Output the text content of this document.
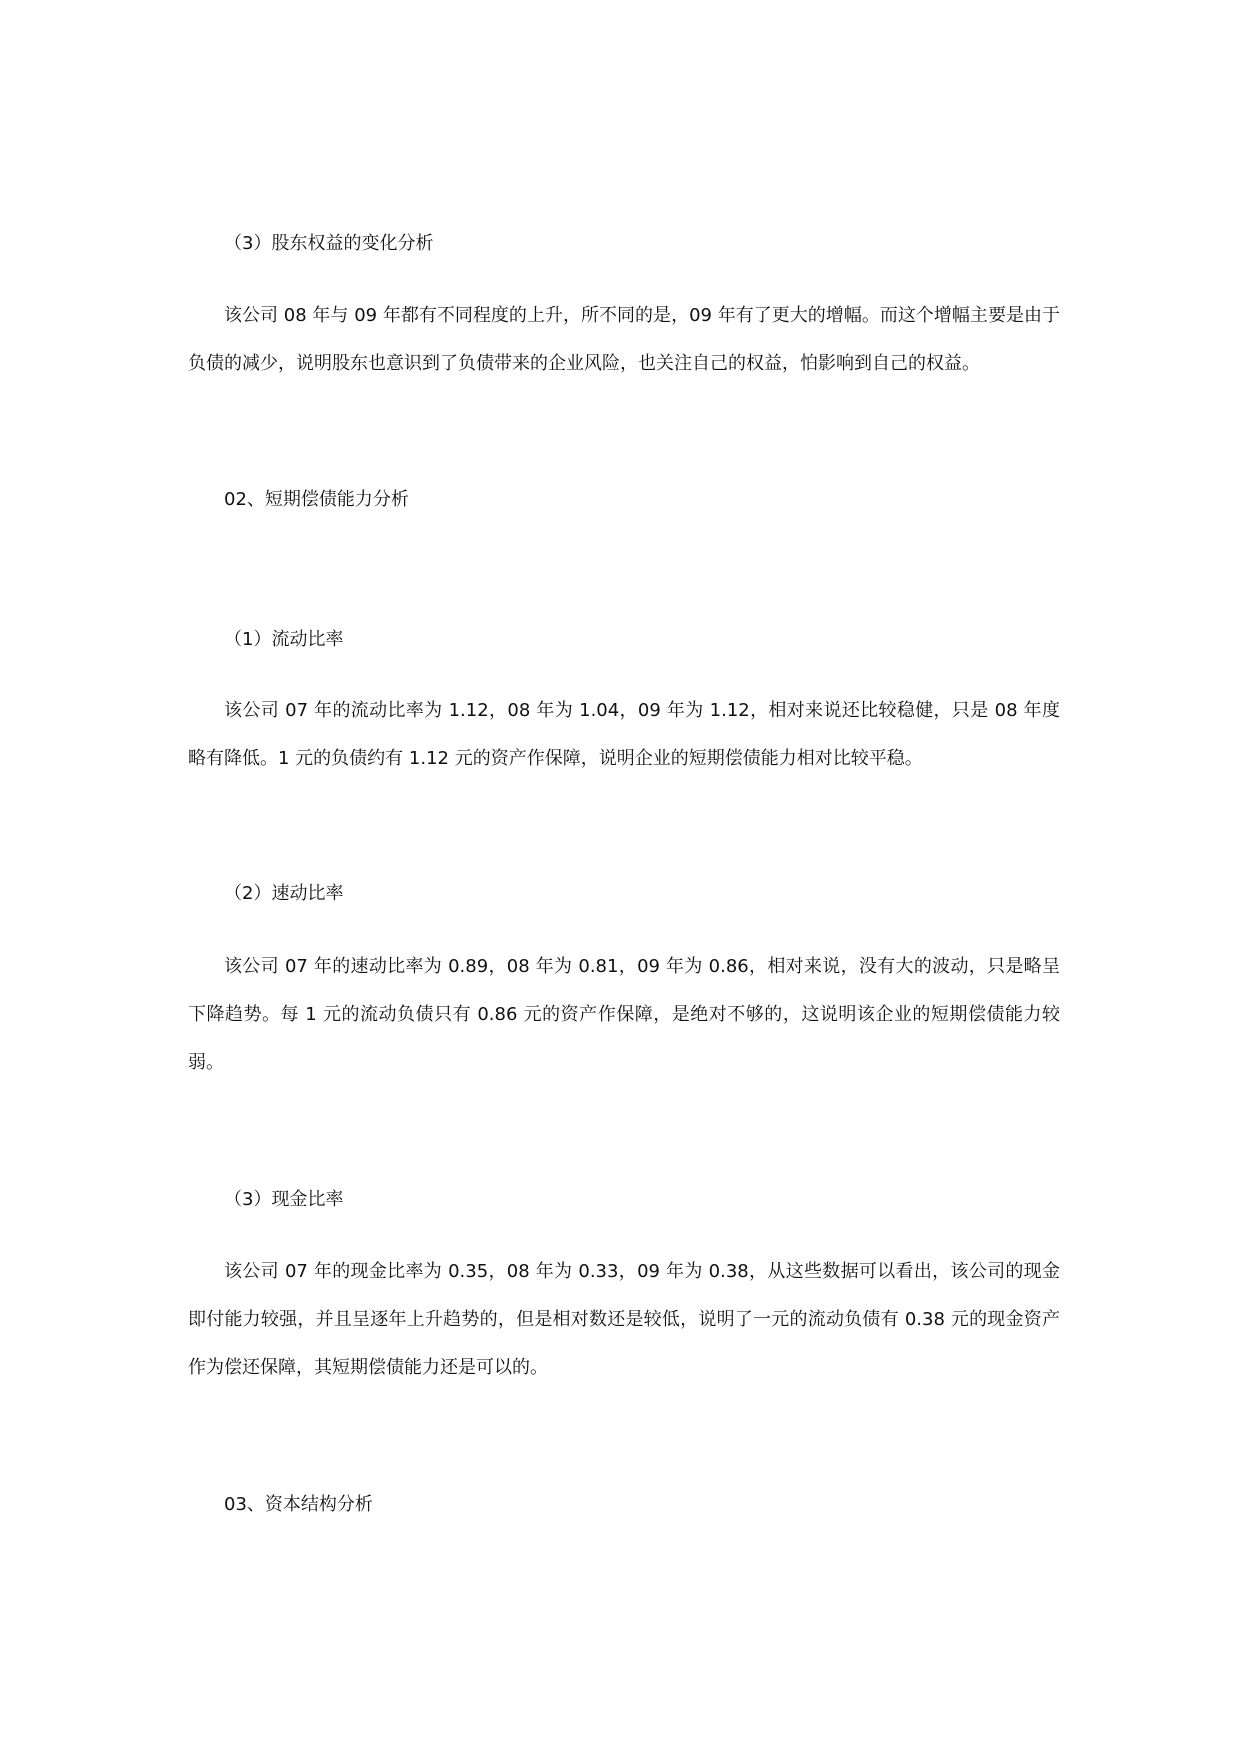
（3）股东权益的变化分析
该公司 08 年与 09 年都有不同程度的上升，所不同的是，09 年有了更大的增幅。而这个增幅主要是由于负债的减少，说明股东也意识到了负债带来的企业风险，也关注自己的权益，怕影响到自己的权益。
02、短期偿债能力分析
（1）流动比率
该公司 07 年的流动比率为 1.12，08 年为 1.04，09 年为 1.12，相对来说还比较稳健，只是 08 年度略有降低。1 元的负债约有 1.12 元的资产作保障，说明企业的短期偿债能力相对比较平稳。
（2）速动比率
该公司 07 年的速动比率为 0.89，08 年为 0.81，09 年为 0.86，相对来说，没有大的波动，只是略呈下降趋势。每 1 元的流动负债只有 0.86 元的资产作保障，是绝对不够的，这说明该企业的短期偿债能力较弱。
（3）现金比率
该公司 07 年的现金比率为 0.35，08 年为 0.33，09 年为 0.38，从这些数据可以看出，该公司的现金即付能力较强，并且呈逐年上升趋势的，但是相对数还是较低，说明了一元的流动负债有 0.38 元的现金资产作为偿还保障，其短期偿债能力还是可以的。
03、资本结构分析
